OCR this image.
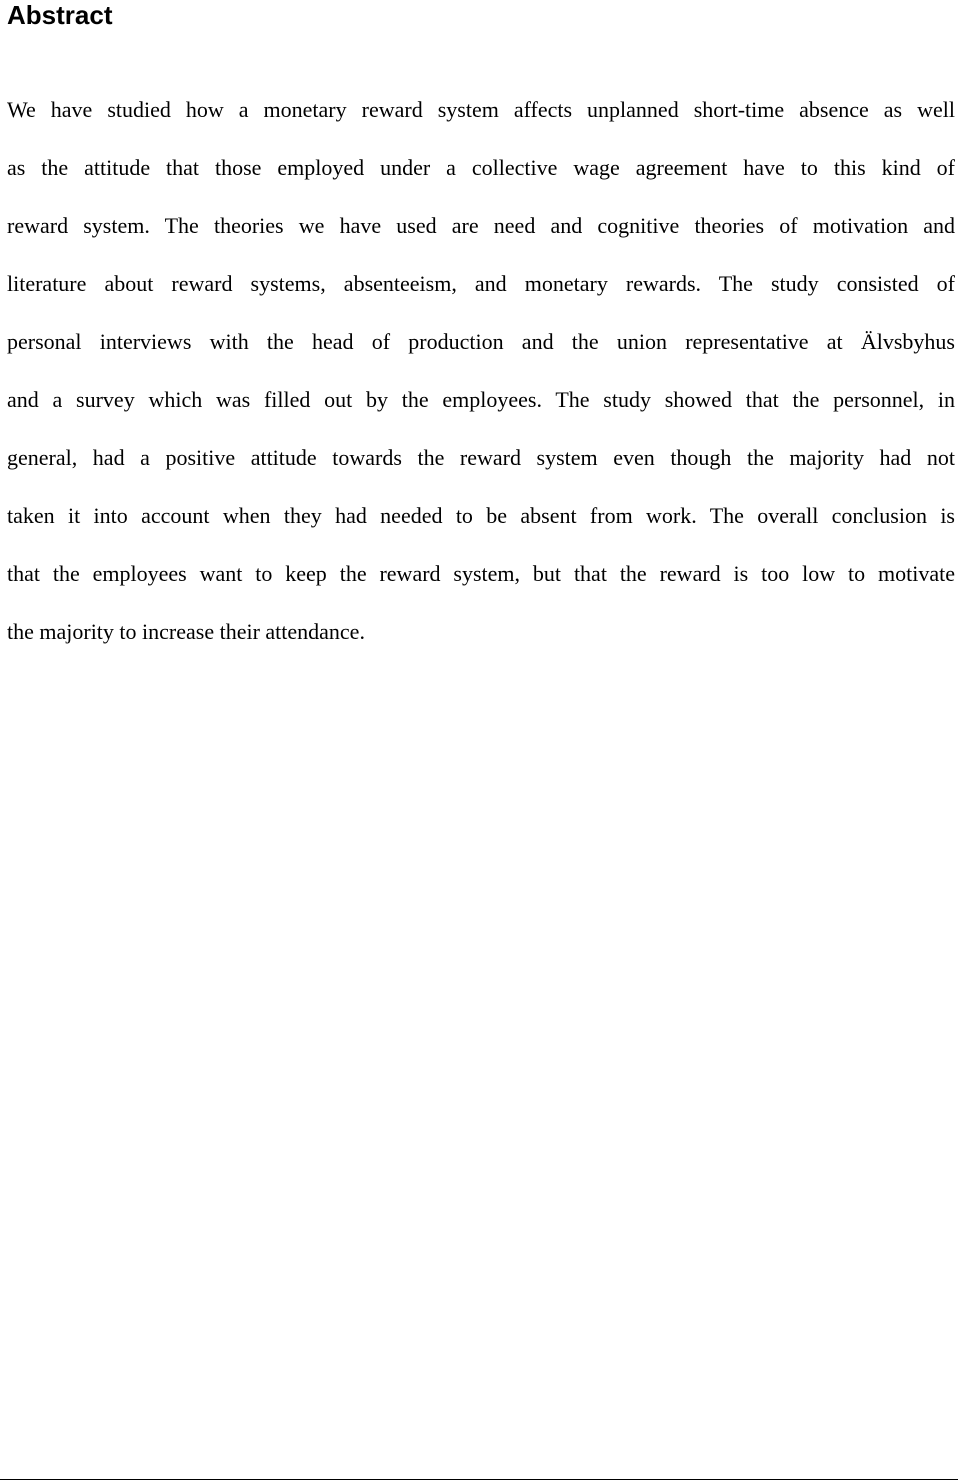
Abstract
We have studied how a monetary reward system affects unplanned short-time absence as well
as the attitude that those employed under a collective wage agreement have to this kind of
reward system. The theories we have used are need and cognitive theories of motivation and
literature about reward systems, absenteeism, and monetary rewards. The study consisted of
personal interviews with the head of production and the union representative at Älvsbyhus
and a survey which was filled out by the employees. The study showed that the personnel, in
general, had a positive attitude towards the reward system even though the majority had not
taken it into account when they had needed to be absent from work. The overall conclusion is
that the employees want to keep the reward system, but that the reward is too low to motivate
the majority to increase their attendance.
